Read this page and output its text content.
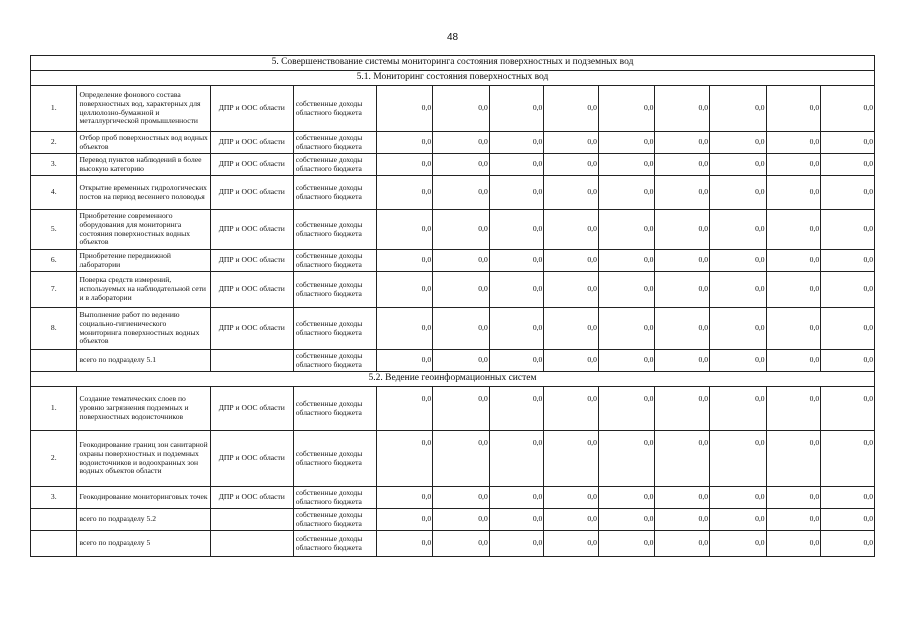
48
5. Совершенствование системы мониторинга состояния поверхностных и подземных вод												
5.1. Мониторинг состояния поверхностных вод												
1.	Определение фонового состава поверхностных вод, характерных для целлюлозно-бумажной и металлургической промышленности	ДПР и ООС области	собственные доходы областного бюджета	0,0	0,0	0,0	0,0	0,0	0,0	0,0	0,0	0,0
2.	Отбор проб поверхностных вод водных объектов	ДПР и ООС области	собственные доходы областного бюджета	0,0	0,0	0,0	0,0	0,0	0,0	0,0	0,0	0,0
3.	Перевод пунктов наблюдений в более высокую категорию	ДПР и ООС области	собственные доходы областного бюджета	0,0	0,0	0,0	0,0	0,0	0,0	0,0	0,0	0,0
4.	Открытие временных гидрологических постов на период весеннего половодья	ДПР и ООС области	собственные доходы областного бюджета	0,0	0,0	0,0	0,0	0,0	0,0	0,0	0,0	0,0
5.	Приобретение современного оборудования для мониторинга состояния поверхностных водных объектов	ДПР и ООС области	собственные доходы областного бюджета	0,0	0,0	0,0	0,0	0,0	0,0	0,0	0,0	0,0
6.	Приобретение передвижной лаборатории	ДПР и ООС области	собственные доходы областного бюджета	0,0	0,0	0,0	0,0	0,0	0,0	0,0	0,0	0,0
7.	Поверка средств измерений, используемых на наблюдательной сети и в лаборатории	ДПР и ООС области	собственные доходы областного бюджета	0,0	0,0	0,0	0,0	0,0	0,0	0,0	0,0	0,0
8.	Выполнение работ по ведению социально-гигиенического мониторинга поверхностных водных объектов	ДПР и ООС области	собственные доходы областного бюджета	0,0	0,0	0,0	0,0	0,0	0,0	0,0	0,0	0,0
	всего по подразделу 5.1		собственные доходы областного бюджета	0,0	0,0	0,0	0,0	0,0	0,0	0,0	0,0	0,0
5.2. Ведение геоинформационных систем												
1.	Создание тематических слоев по уровню загрязнения подземных и поверхностных водоисточников	ДПР и ООС области	собственные доходы областного бюджета	0,0	0,0	0,0	0,0	0,0	0,0	0,0	0,0	0,0
2.	Геокодирование границ зон санитарной охраны поверхностных и подземных водоисточников и водоохранных зон водных объектов области	ДПР и ООС области	собственные доходы областного бюджета	0,0	0,0	0,0	0,0	0,0	0,0	0,0	0,0	0,0
3.	Геокодирование мониторинговых точек	ДПР и ООС области	собственные доходы областного бюджета	0,0	0,0	0,0	0,0	0,0	0,0	0,0	0,0	0,0
	всего по подразделу 5.2		собственные доходы областного бюджета	0,0	0,0	0,0	0,0	0,0	0,0	0,0	0,0	0,0
	всего по подразделу 5		собственные доходы областного бюджета	0,0	0,0	0,0	0,0	0,0	0,0	0,0	0,0	0,0
